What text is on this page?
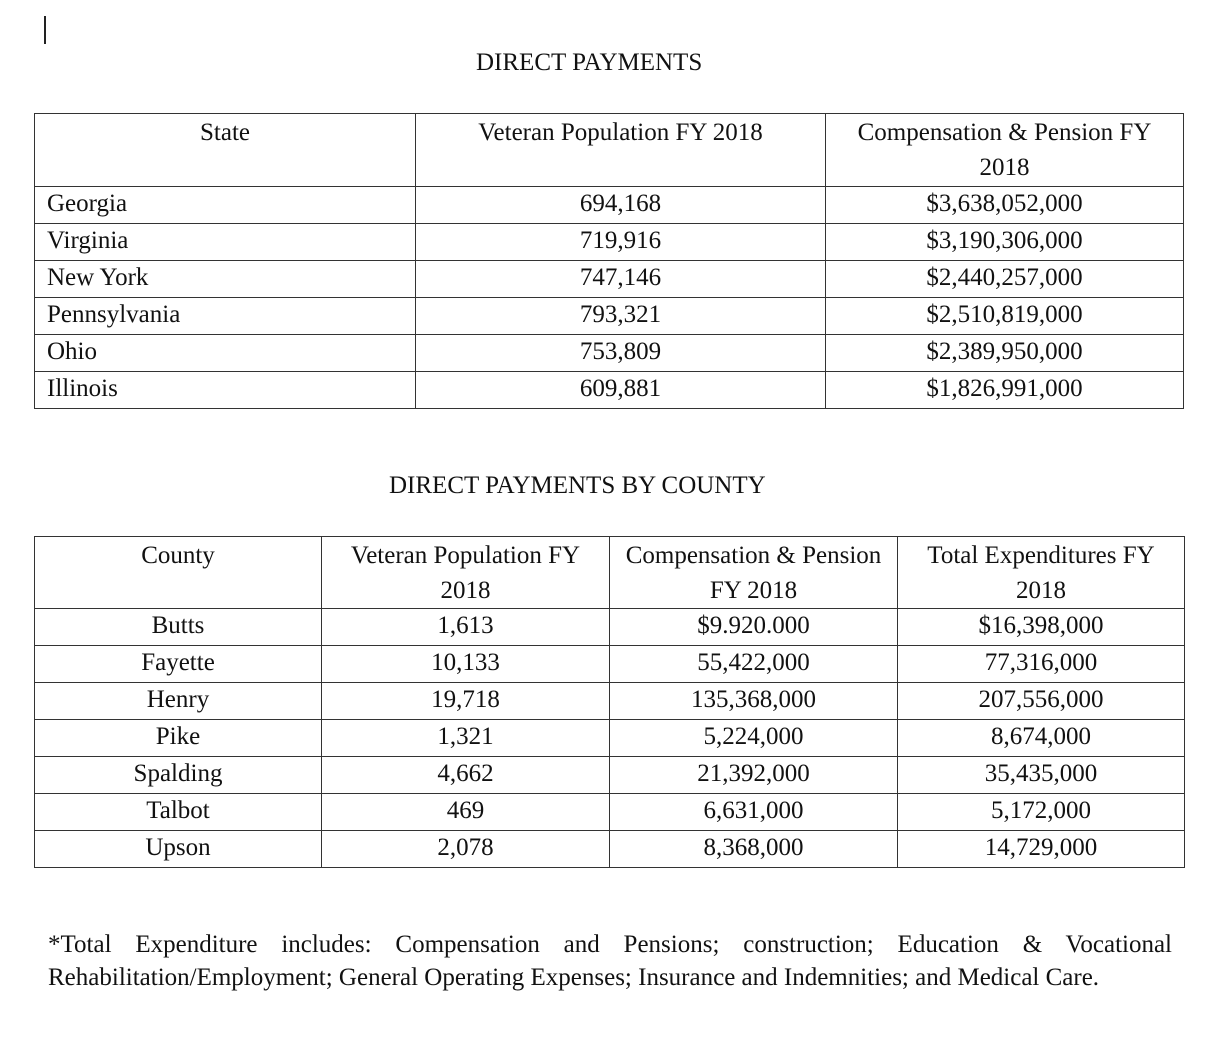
DIRECT PAYMENTS
State	Veteran Population FY 2018	Compensation & Pension FY 2018
Georgia	694,168	$3,638,052,000
Virginia	719,916	$3,190,306,000
New York	747,146	$2,440,257,000
Pennsylvania	793,321	$2,510,819,000
Ohio	753,809	$2,389,950,000
Illinois	609,881	$1,826,991,000
DIRECT PAYMENTS BY COUNTY
County	Veteran Population FY 2018	Compensation & Pension FY 2018	Total Expenditures FY 2018
Butts	1,613	$9.920.000	$16,398,000
Fayette	10,133	55,422,000	77,316,000
Henry	19,718	135,368,000	207,556,000
Pike	1,321	5,224,000	8,674,000
Spalding	4,662	21,392,000	35,435,000
Talbot	469	6,631,000	5,172,000
Upson	2,078	8,368,000	14,729,000
*Total Expenditure includes: Compensation and Pensions; construction; Education & Vocational Rehabilitation/Employment; General Operating Expenses; Insurance and Indemnities; and Medical Care.
